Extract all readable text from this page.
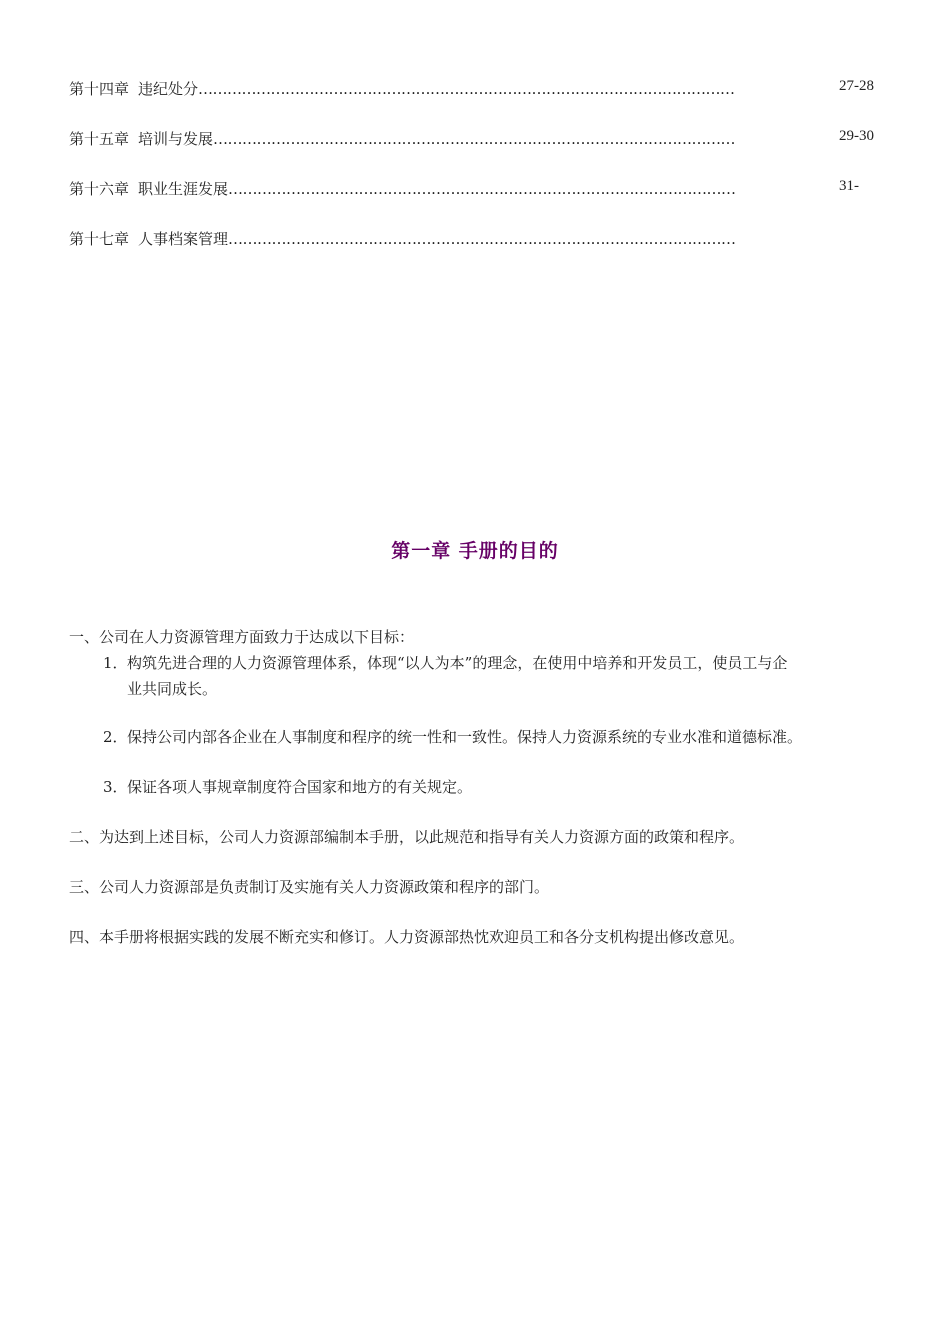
第十四章 违纪处分 …………………………………………………………………………………………………	27-28
第十五章 培训与发展 ………………………………………………………………………………………………	29-30
第十六章 职业生涯发展 ……………………………………………………………………………………………	31-
第十七章 人事档案管理 ……………………………………………………………………………………………
第一章 手册的目的
一、公司在人力资源管理方面致力于达成以下目标：
1．构筑先进合理的人力资源管理体系，体现“以人为本”的理念，在使用中培养和开发员工，使员工与企
业共同成长。
2．保持公司内部各企业在人事制度和程序的统一性和一致性。保持人力资源系统的专业水准和道德标准。
3．保证各项人事规章制度符合国家和地方的有关规定。
二、为达到上述目标，公司人力资源部编制本手册，以此规范和指导有关人力资源方面的政策和程序。
三、公司人力资源部是负责制订及实施有关人力资源政策和程序的部门。
四、本手册将根据实践的发展不断充实和修订。人力资源部热忱欢迎员工和各分支机构提出修改意见。
